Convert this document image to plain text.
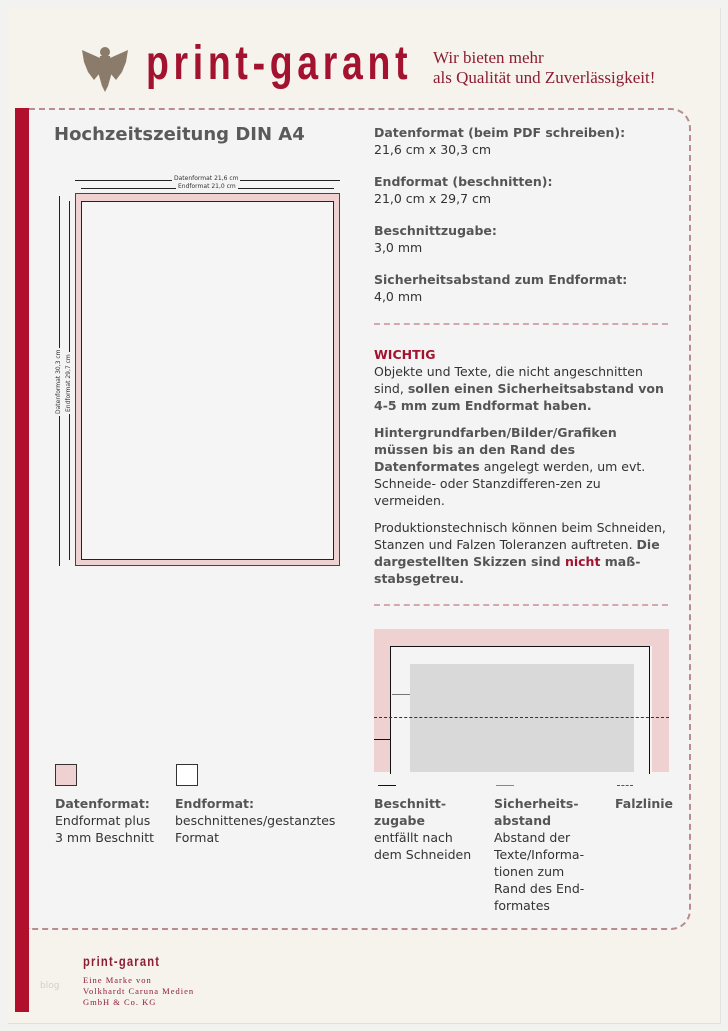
print-garant Wir bieten mehr
als Qualität und Zuverlässigkeit!
Hochzeitszeitung DIN A4
Datenformat 21,6 cm
Endformat 21,0 cm
Datenformat 30,3 cm Endformat 29,7 cm
Datenformat (beim PDF schreiben):
21,6 cm x 30,3 cm
Endformat (beschnitten):
21,0 cm x 29,7 cm
Beschnittzugabe:
3,0 mm
Sicherheitsabstand zum Endformat:
4,0 mm
WICHTIG
Objekte und Texte, die nicht angeschnitten sind, sollen einen Sicherheitsabstand von 4-5 mm zum Endformat haben.
Hintergrundfarben/Bilder/Grafiken müssen bis an den Rand des Datenformates angelegt werden, um evt. Schneide- oder Stanzdifferen-zen zu vermeiden.
Produktionstechnisch können beim Schneiden, Stanzen und Falzen Toleranzen auftreten. Die dargestellten Skizzen sind nicht maß-stabsgetreu.
Beschnitt-
zugabe
entfällt nach
dem Schneiden
Sicherheits-
abstand
Abstand der
Texte/Informa-
tionen zum
Rand des End-
formates
Falzlinie
Datenformat:
Endformat plus
3 mm Beschnitt
Endformat:
beschnittenes/gestanztes
Format
blog
print-garant
Eine Marke von
Volkhardt Caruna Medien
GmbH & Co. KG
